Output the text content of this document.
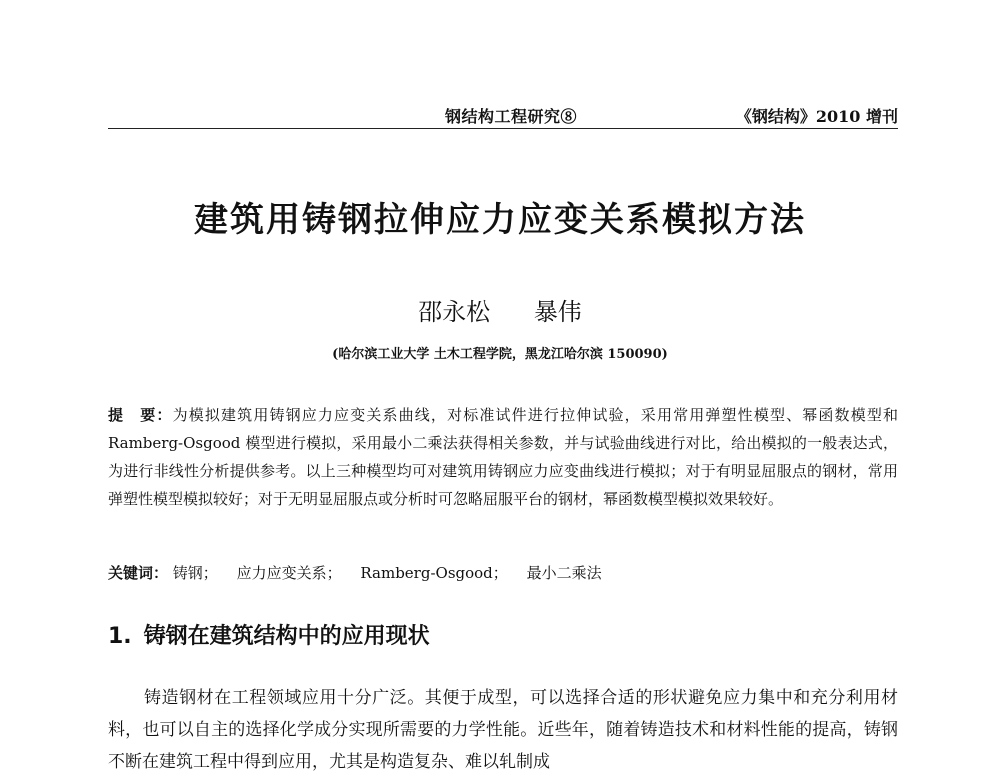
钢结构工程研究⑧	《钢结构》2010 增刊
建筑用铸钢拉伸应力应变关系模拟方法
邵永松 暴伟
(哈尔滨工业大学 土木工程学院，黑龙江哈尔滨 150090)
提　要：为模拟建筑用铸钢应力应变关系曲线，对标准试件进行拉伸试验，采用常用弹塑性模型、幂函数模型和 Ramberg-Osgood 模型进行模拟，采用最小二乘法获得相关参数，并与试验曲线进行对比，给出模拟的一般表达式，为进行非线性分析提供参考。以上三种模型均可对建筑用铸钢应力应变曲线进行模拟；对于有明显屈服点的钢材，常用弹塑性模型模拟较好；对于无明显屈服点或分析时可忽略屈服平台的钢材，幂函数模型模拟效果较好。
关键词： 铸钢； 应力应变关系； Ramberg-Osgood； 最小二乘法
1. 铸钢在建筑结构中的应用现状
铸造钢材在工程领域应用十分广泛。其便于成型，可以选择合适的形状避免应力集中和充分利用材料，也可以自主的选择化学成分实现所需要的力学性能。近些年，随着铸造技术和材料性能的提高，铸钢不断在建筑工程中得到应用，尤其是构造复杂、难以轧制成
